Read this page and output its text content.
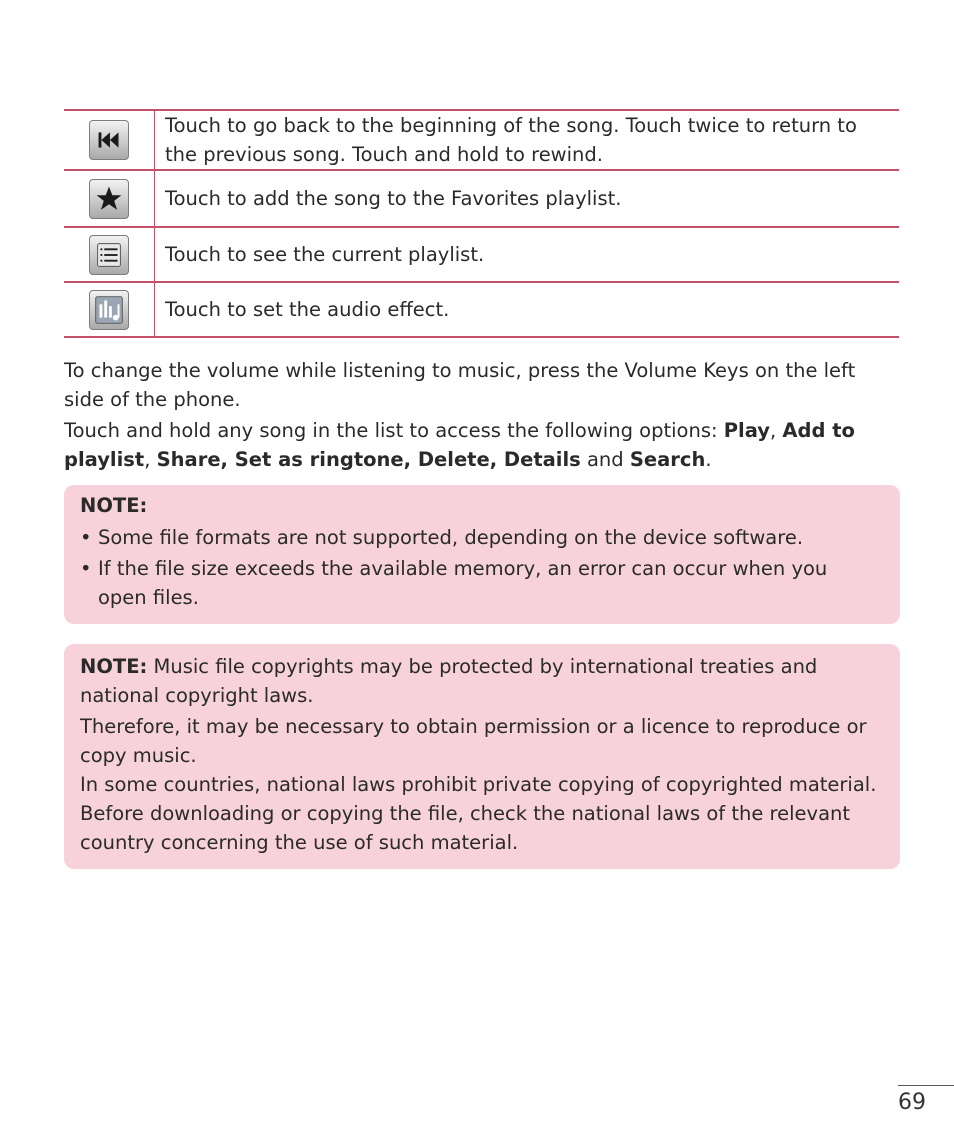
	Touch to go back to the beginning of the song. Touch twice to return to the previous song. Touch and hold to rewind.

	Touch to add the song to the Favorites playlist.

	Touch to see the current playlist.

	Touch to set the audio effect.

To change the volume while listening to music, press the Volume Keys on the left side of the phone.

Touch and hold any song in the list to access the following options: Play, Add to playlist, Share, Set as ringtone, Delete, Details and Search.

NOTE:
• Some file formats are not supported, depending on the device software.
• If the file size exceeds the available memory, an error can occur when you open files.

NOTE: Music file copyrights may be protected by international treaties and national copyright laws.

Therefore, it may be necessary to obtain permission or a licence to reproduce or copy music.

In some countries, national laws prohibit private copying of copyrighted material.

Before downloading or copying the file, check the national laws of the relevant country concerning the use of such material.

69
